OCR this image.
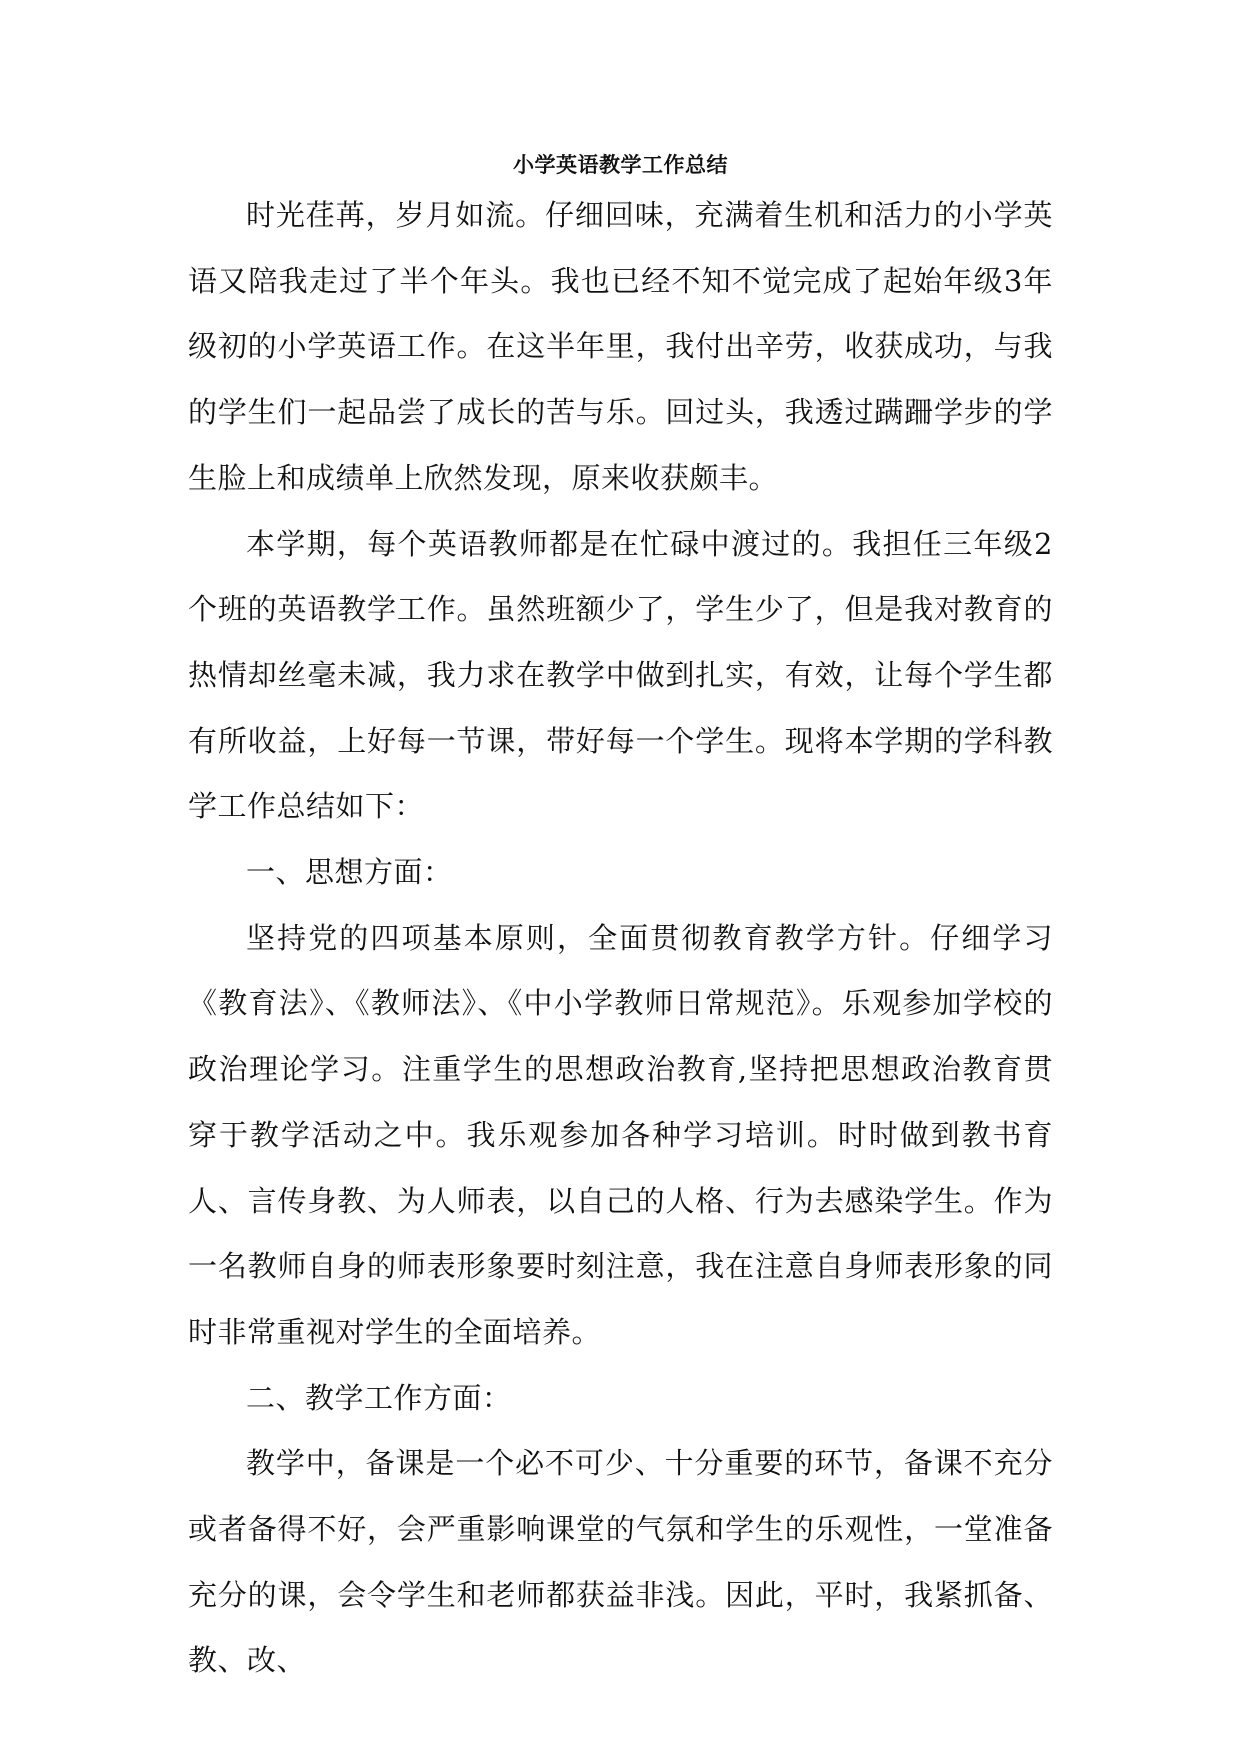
小学英语教学工作总结

时光荏苒，岁月如流。仔细回味，充满着生机和活力的小学英语又陪我走过了半个年头。我也已经不知不觉完成了起始年级3年级初的小学英语工作。在这半年里，我付出辛劳，收获成功，与我的学生们一起品尝了成长的苦与乐。回过头，我透过蹒跚学步的学生脸上和成绩单上欣然发现，原来收获颇丰。

本学期，每个英语教师都是在忙碌中渡过的。我担任三年级2个班的英语教学工作。虽然班额少了，学生少了，但是我对教育的热情却丝毫未减，我力求在教学中做到扎实，有效，让每个学生都有所收益，上好每一节课，带好每一个学生。现将本学期的学科教学工作总结如下：

一、思想方面：

坚持党的四项基本原则，全面贯彻教育教学方针。仔细学习《教育法》、《教师法》、《中小学教师日常规范》。乐观参加学校的政治理论学习。注重学生的思想政治教育,坚持把思想政治教育贯穿于教学活动之中。我乐观参加各种学习培训。时时做到教书育人、言传身教、为人师表，以自己的人格、行为去感染学生。作为一名教师自身的师表形象要时刻注意，我在注意自身师表形象的同时非常重视对学生的全面培养。

二、教学工作方面：

教学中，备课是一个必不可少、十分重要的环节，备课不充分或者备得不好，会严重影响课堂的气氛和学生的乐观性，一堂准备充分的课，会令学生和老师都获益非浅。因此，平时，我紧抓备、教、改、
